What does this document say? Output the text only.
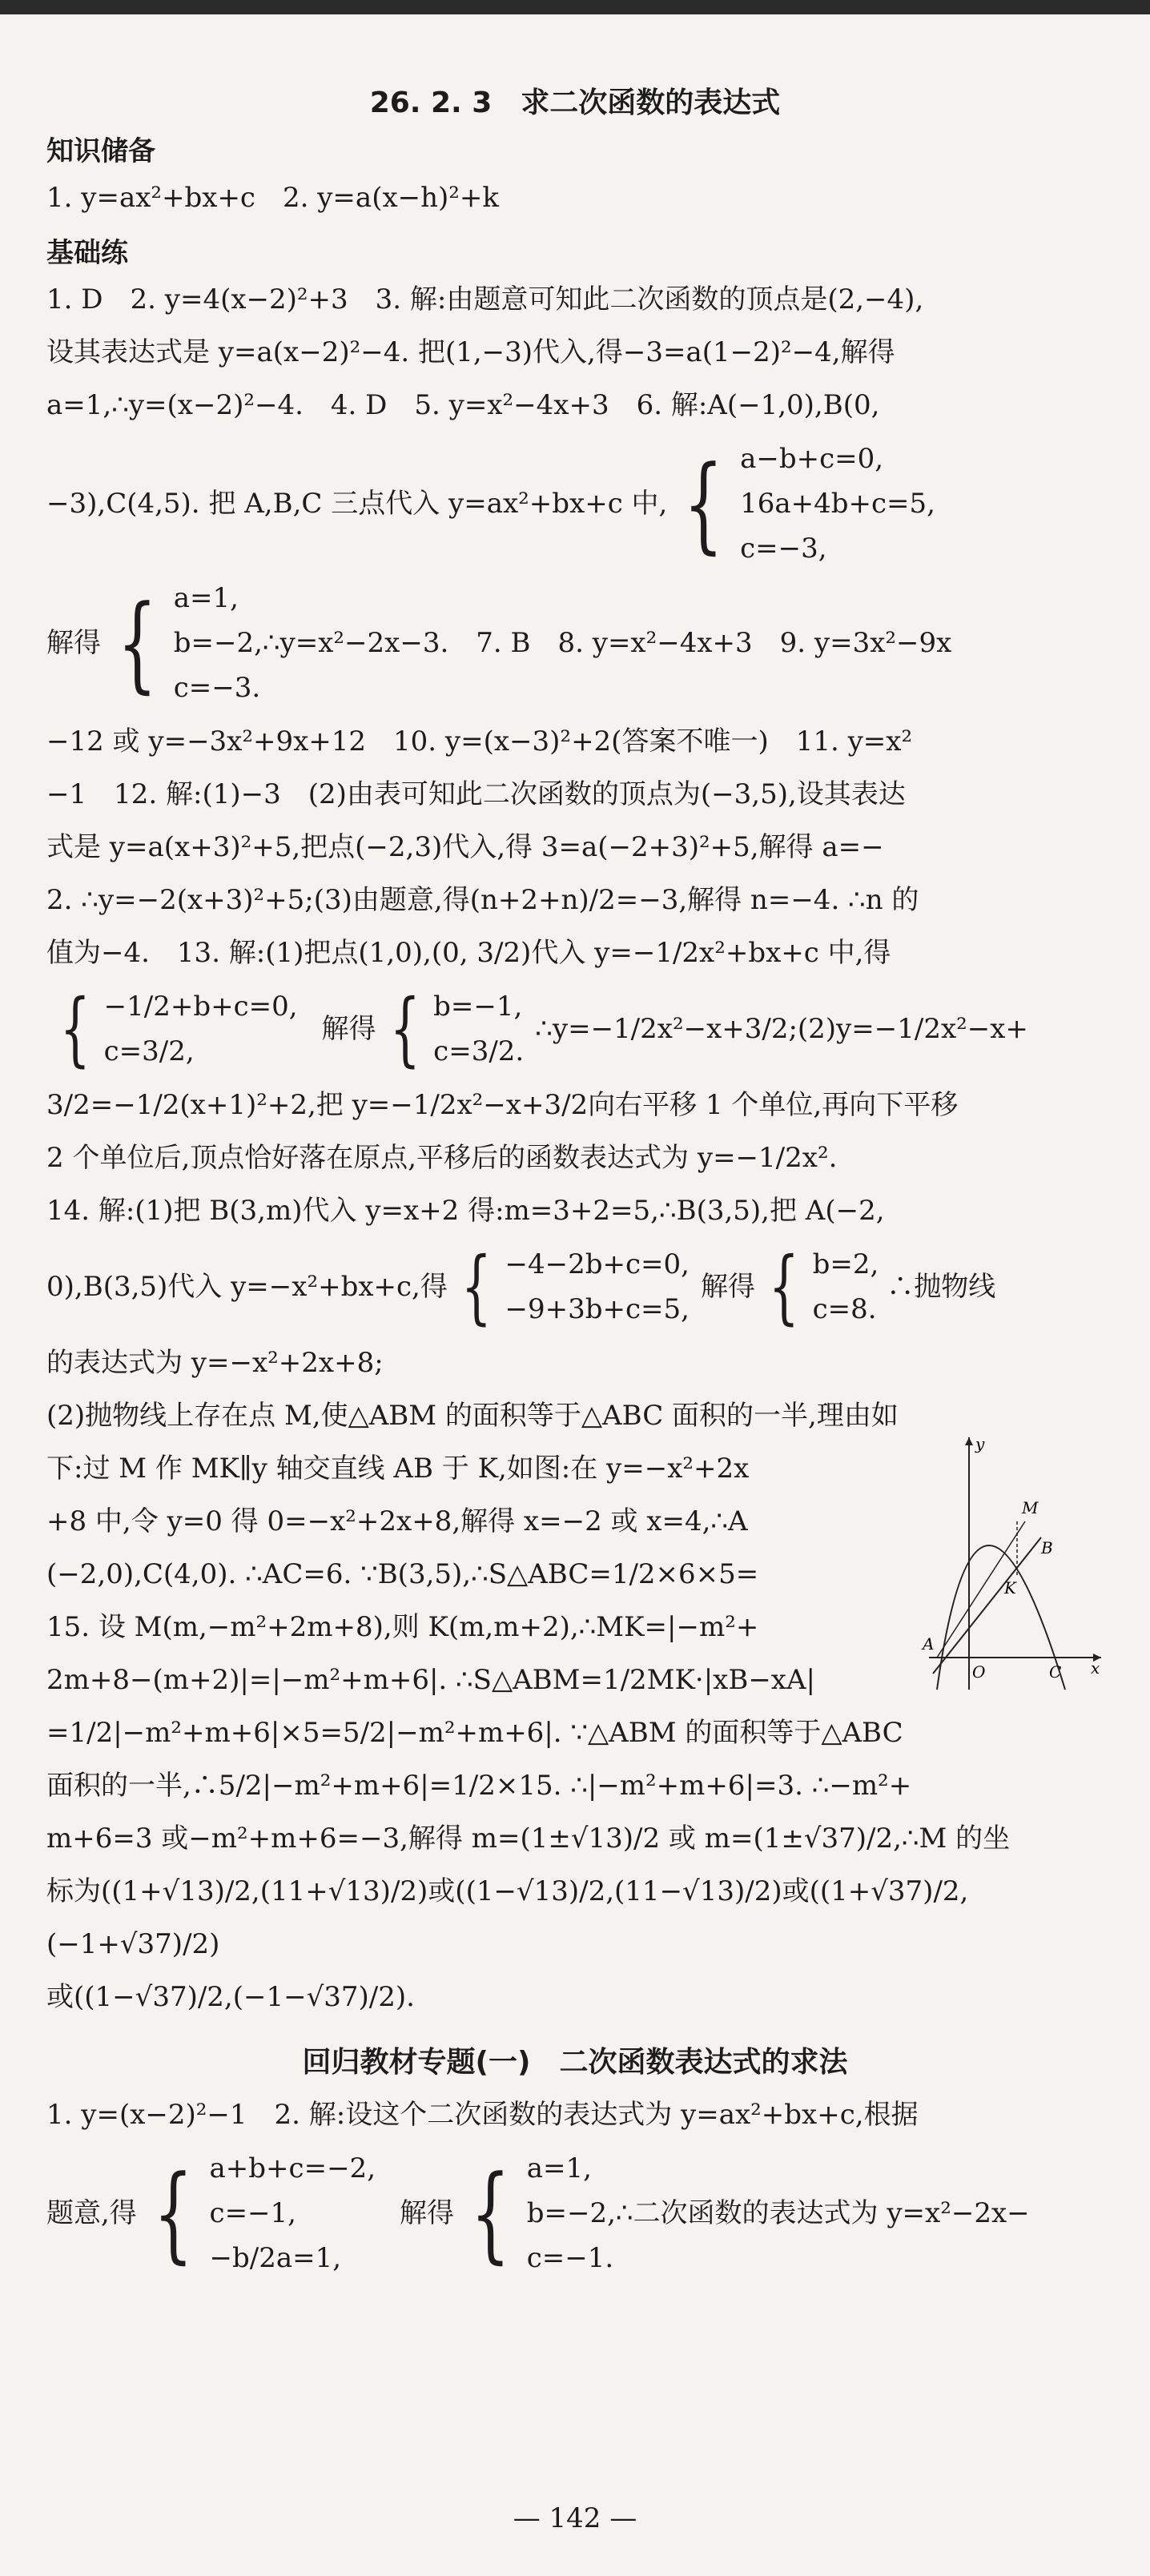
26. 2. 3　求二次函数的表达式
知识储备
1. y=ax²+bx+c　2. y=a(x−h)²+k
基础练
1. D　2. y=4(x−2)²+3　3. 解:由题意可知此二次函数的顶点是(2,−4),
设其表达式是 y=a(x−2)²−4. 把(1,−3)代入,得−3=a(1−2)²−4,解得
a=1,∴y=(x−2)²−4.　4. D　5. y=x²−4x+3　6. 解:A(−1,0),B(0,
−3),C(4,5). 把 A,B,C 三点代入 y=ax²+bx+c 中, { a−b+c=0,
16a+4b+c=5,
c=−3,
解得 { a=1,
b=−2,∴y=x²−2x−3.　7. B　8. y=x²−4x+3　9. y=3x²−9x
c=−3.
−12 或 y=−3x²+9x+12　10. y=(x−3)²+2(答案不唯一)　11. y=x²
−1　12. 解:(1)−3　(2)由表可知此二次函数的顶点为(−3,5),设其表达
式是 y=a(x+3)²+5,把点(−2,3)代入,得 3=a(−2+3)²+5,解得 a=−
2. ∴y=−2(x+3)²+5;(3)由题意,得(n+2+n)/2=−3,解得 n=−4. ∴n 的
值为−4.　13. 解:(1)把点(1,0),(0, 3/2)代入 y=−1/2x²+bx+c 中,得
{ −1/2+b+c=0,
c=3/2,
解得 { b=−1,
c=3/2.
∴y=−1/2x²−x+3/2;(2)y=−1/2x²−x+
3/2=−1/2(x+1)²+2,把 y=−1/2x²−x+3/2向右平移 1 个单位,再向下平移
2 个单位后,顶点恰好落在原点,平移后的函数表达式为 y=−1/2x².
14. 解:(1)把 B(3,m)代入 y=x+2 得:m=3+2=5,∴B(3,5),把 A(−2,
0),B(3,5)代入 y=−x²+bx+c,得 { −4−2b+c=0,
−9+3b+c=5,
解得 { b=2,
c=8.
∴抛物线
的表达式为 y=−x²+2x+8;
(2)抛物线上存在点 M,使△ABM 的面积等于△ABC 面积的一半,理由如
下:过 M 作 MK∥y 轴交直线 AB 于 K,如图:在 y=−x²+2x
+8 中,令 y=0 得 0=−x²+2x+8,解得 x=−2 或 x=4,∴A
(−2,0),C(4,0). ∴AC=6. ∵B(3,5),∴S△ABC=1/2×6×5=
15. 设 M(m,−m²+2m+8),则 K(m,m+2),∴MK=|−m²+
2m+8−(m+2)|=|−m²+m+6|. ∴S△ABM=1/2MK·|xB−xA|
=1/2|−m²+m+6|×5=5/2|−m²+m+6|. ∵△ABM 的面积等于△ABC
面积的一半,∴5/2|−m²+m+6|=1/2×15. ∴|−m²+m+6|=3. ∴−m²+
m+6=3 或−m²+m+6=−3,解得 m=(1±√13)/2 或 m=(1±√37)/2,∴M 的坐
标为((1+√13)/2,(11+√13)/2)或((1−√13)/2,(11−√13)/2)或((1+√37)/2,(−1+√37)/2)
或((1−√37)/2,(−1−√37)/2).
回归教材专题(一)　二次函数表达式的求法
1. y=(x−2)²−1　2. 解:设这个二次函数的表达式为 y=ax²+bx+c,根据
题意,得 { a+b+c=−2,
c=−1,
−b/2a=1,
解得 { a=1,
b=−2,∴二次函数的表达式为 y=x²−2x−
c=−1.
y
x
M
B
K
A
O	C
— 142 —
